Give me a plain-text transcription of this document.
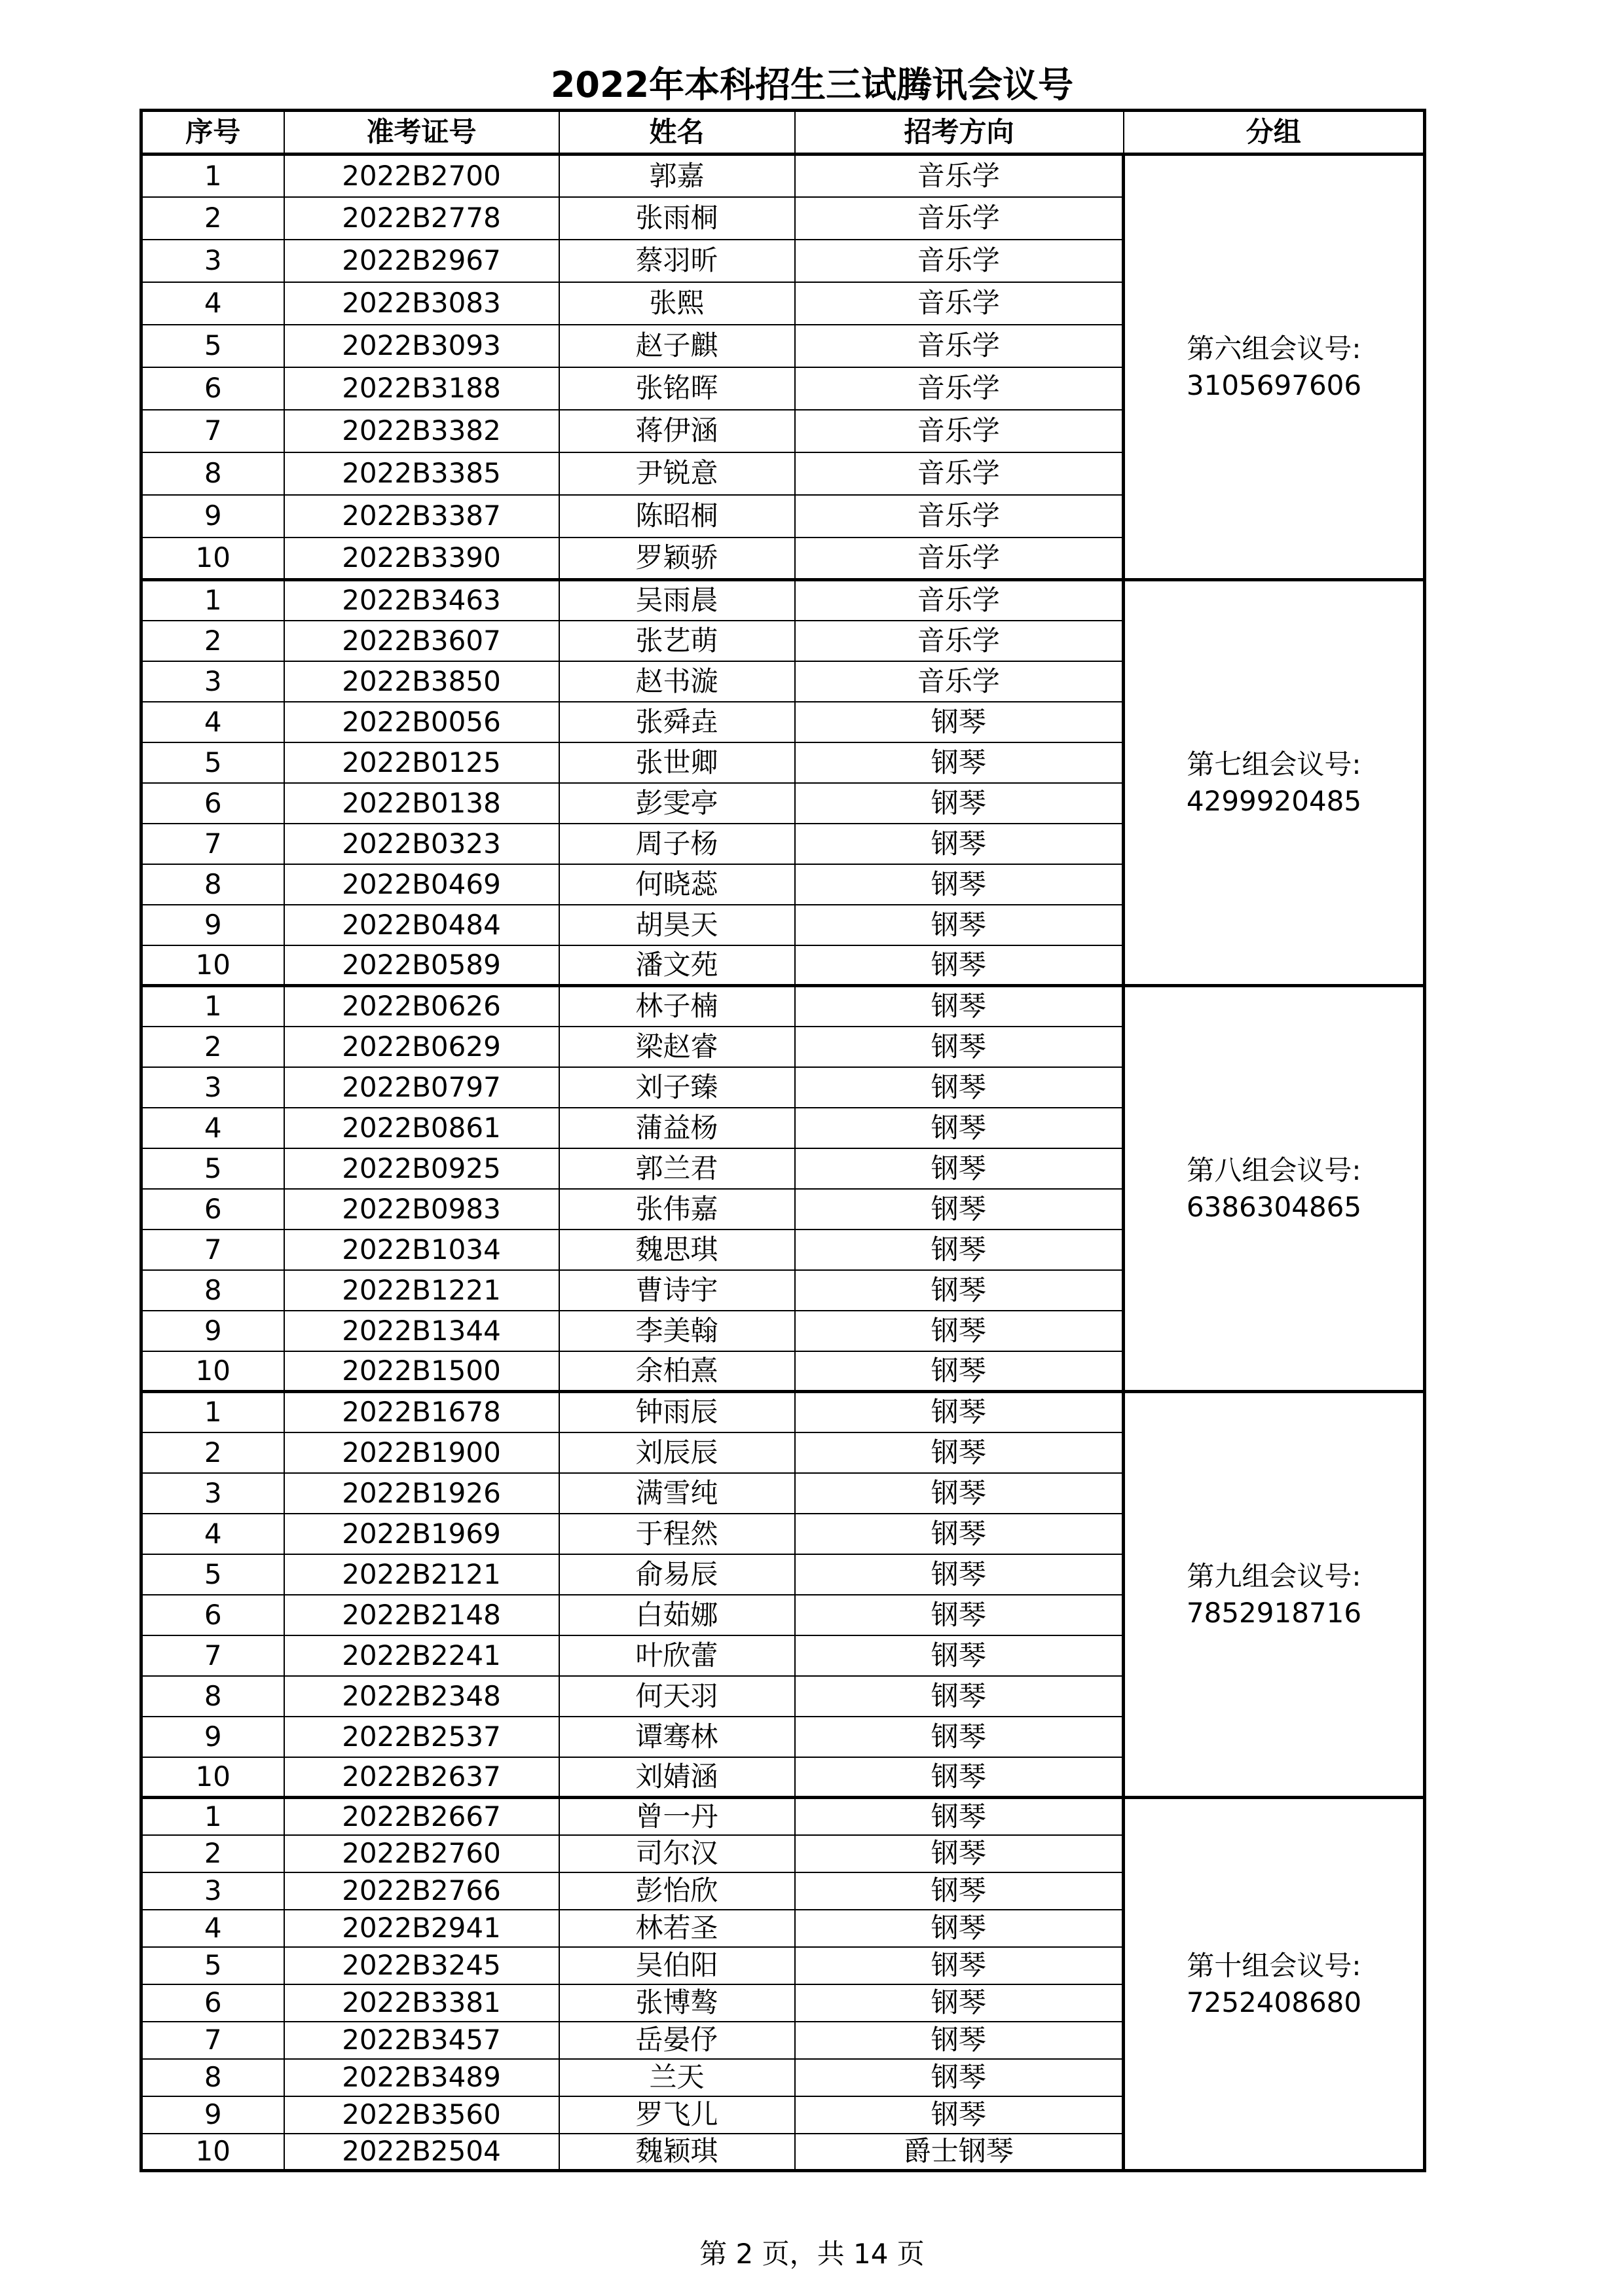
2022年本科招生三试腾讯会议号
序号	准考证号	姓名	招考方向	分组
1	2022B2700	郭嘉	音乐学	第六组会议号:
3105697606

2	2022B2778	张雨桐	音乐学	
3	2022B2967	蔡羽昕	音乐学	
4	2022B3083	张熙	音乐学	
5	2022B3093	赵子麒	音乐学	
6	2022B3188	张铭晖	音乐学	
7	2022B3382	蒋伊涵	音乐学	
8	2022B3385	尹锐意	音乐学	
9	2022B3387	陈昭桐	音乐学	
10	2022B3390	罗颖骄	音乐学	
1	2022B3463	吴雨晨	音乐学	第七组会议号:
4299920485

2	2022B3607	张艺萌	音乐学	
3	2022B3850	赵书漩	音乐学	
4	2022B0056	张舜垚	钢琴	
5	2022B0125	张世卿	钢琴	
6	2022B0138	彭雯亭	钢琴	
7	2022B0323	周子杨	钢琴	
8	2022B0469	何晓蕊	钢琴	
9	2022B0484	胡昊天	钢琴	
10	2022B0589	潘文苑	钢琴	
1	2022B0626	林子楠	钢琴	第八组会议号:
6386304865

2	2022B0629	梁赵睿	钢琴	
3	2022B0797	刘子臻	钢琴	
4	2022B0861	蒲益杨	钢琴	
5	2022B0925	郭兰君	钢琴	
6	2022B0983	张伟嘉	钢琴	
7	2022B1034	魏思琪	钢琴	
8	2022B1221	曹诗宇	钢琴	
9	2022B1344	李美翰	钢琴	
10	2022B1500	余柏熹	钢琴	
1	2022B1678	钟雨辰	钢琴	第九组会议号:
7852918716

2	2022B1900	刘辰辰	钢琴	
3	2022B1926	满雪纯	钢琴	
4	2022B1969	于程然	钢琴	
5	2022B2121	俞易辰	钢琴	
6	2022B2148	白茹娜	钢琴	
7	2022B2241	叶欣蕾	钢琴	
8	2022B2348	何天羽	钢琴	
9	2022B2537	谭骞林	钢琴	
10	2022B2637	刘婧涵	钢琴	
1	2022B2667	曾一丹	钢琴	第十组会议号:
7252408680

2	2022B2760	司尔汉	钢琴	
3	2022B2766	彭怡欣	钢琴	
4	2022B2941	林若圣	钢琴	
5	2022B3245	吴伯阳	钢琴	
6	2022B3381	张博骜	钢琴	
7	2022B3457	岳晏伃	钢琴	
8	2022B3489	兰天	钢琴	
9	2022B3560	罗飞儿	钢琴	
10	2022B2504	魏颖琪	爵士钢琴	
第 2 页，共 14 页
